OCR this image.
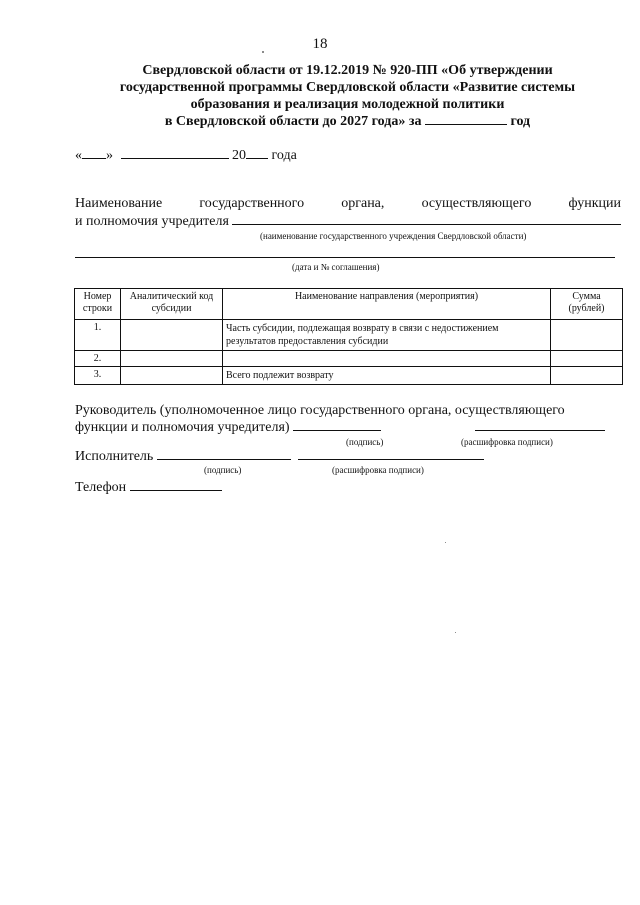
18
Свердловской области от 19.12.2019 № 920-ПП «Об утверждении
государственной программы Свердловской области «Развитие системы
образования и реализация молодежной политики
в Свердловской области до 2027 года» за	год
« »	20 года
Наименование	государственного	органа,	осуществляющего	функции
и полномочия учредителя
(наименование государственного учреждения Свердловской области)
(дата и № соглашения)
Номер строки	Аналитический код субсидии	Наименование направления (мероприятия)	Сумма (рублей)
1.		Часть субсидии, подлежащая возврату в связи с недостижением результатов предоставления субсидии	
2.			
3.		Всего подлежит возврату	
Руководитель (уполномоченное лицо государственного органа, осуществляющего
функции и полномочия учредителя)
(подпись)	(расшифровка подписи)
Исполнитель
(подпись)	(расшифровка подписи)
Телефон
